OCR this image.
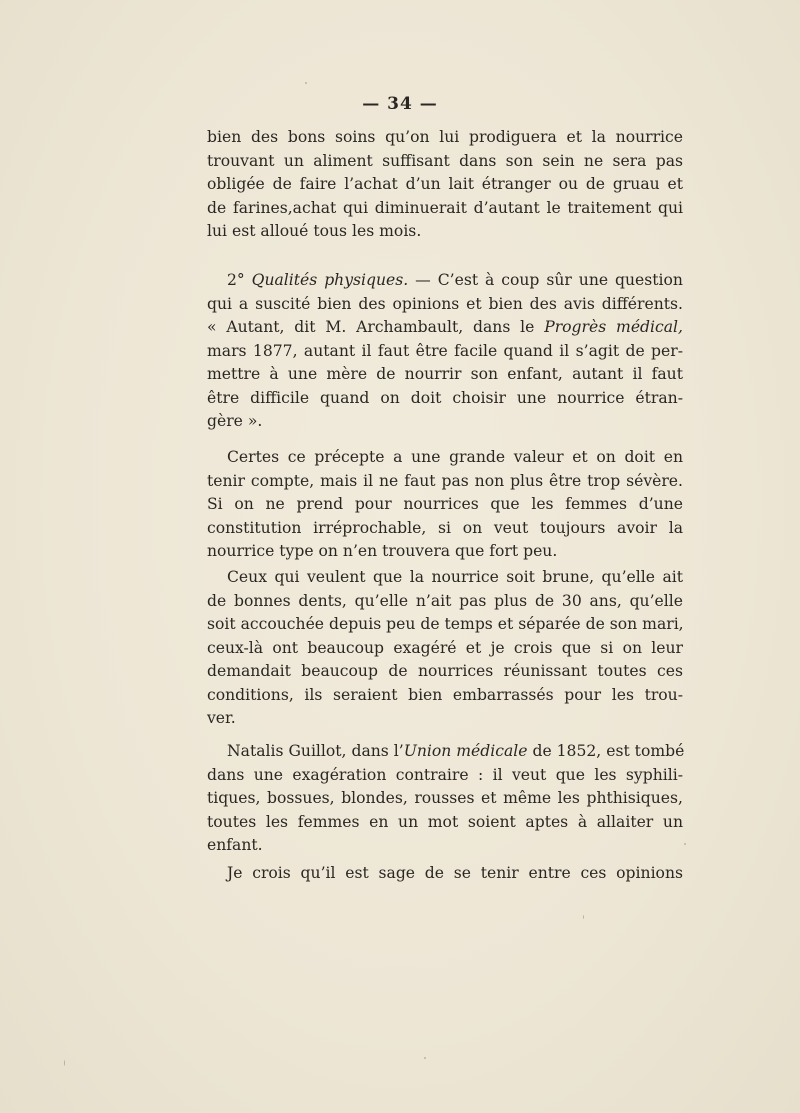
— 34 —
bien des bons soins qu’on lui prodiguera et la nourrice
trouvant un aliment suffisant dans son sein ne sera pas
obligée de faire l’achat d’un lait étranger ou de gruau et
de farines,achat qui diminuerait d’autant le traitement qui
lui est alloué tous les mois.
2° Qualités physiques. — C’est à coup sûr une question
qui a suscité bien des opinions et bien des avis différents.
« Autant, dit M. Archambault, dans le Progrès médical,
mars 1877, autant il faut être facile quand il s’agit de per-
mettre à une mère de nourrir son enfant, autant il faut
être difficile quand on doit choisir une nourrice étran-
gère ».
Certes ce précepte a une grande valeur et on doit en
tenir compte, mais il ne faut pas non plus être trop sévère.
Si on ne prend pour nourrices que les femmes d’une
constitution irréprochable, si on veut toujours avoir la
nourrice type on n’en trouvera que fort peu.
Ceux qui veulent que la nourrice soit brune, qu’elle ait
de bonnes dents, qu’elle n’ait pas plus de 30 ans, qu’elle
soit accouchée depuis peu de temps et séparée de son mari,
ceux-là ont beaucoup exagéré et je crois que si on leur
demandait beaucoup de nourrices réunissant toutes ces
conditions, ils seraient bien embarrassés pour les trou-
ver.
Natalis Guillot, dans l’Union médicale de 1852, est tombé
dans une exagération contraire : il veut que les syphili-
tiques, bossues, blondes, rousses et même les phthisiques,
toutes les femmes en un mot soient aptes à allaiter un
enfant.
Je crois qu’il est sage de se tenir entre ces opinions
